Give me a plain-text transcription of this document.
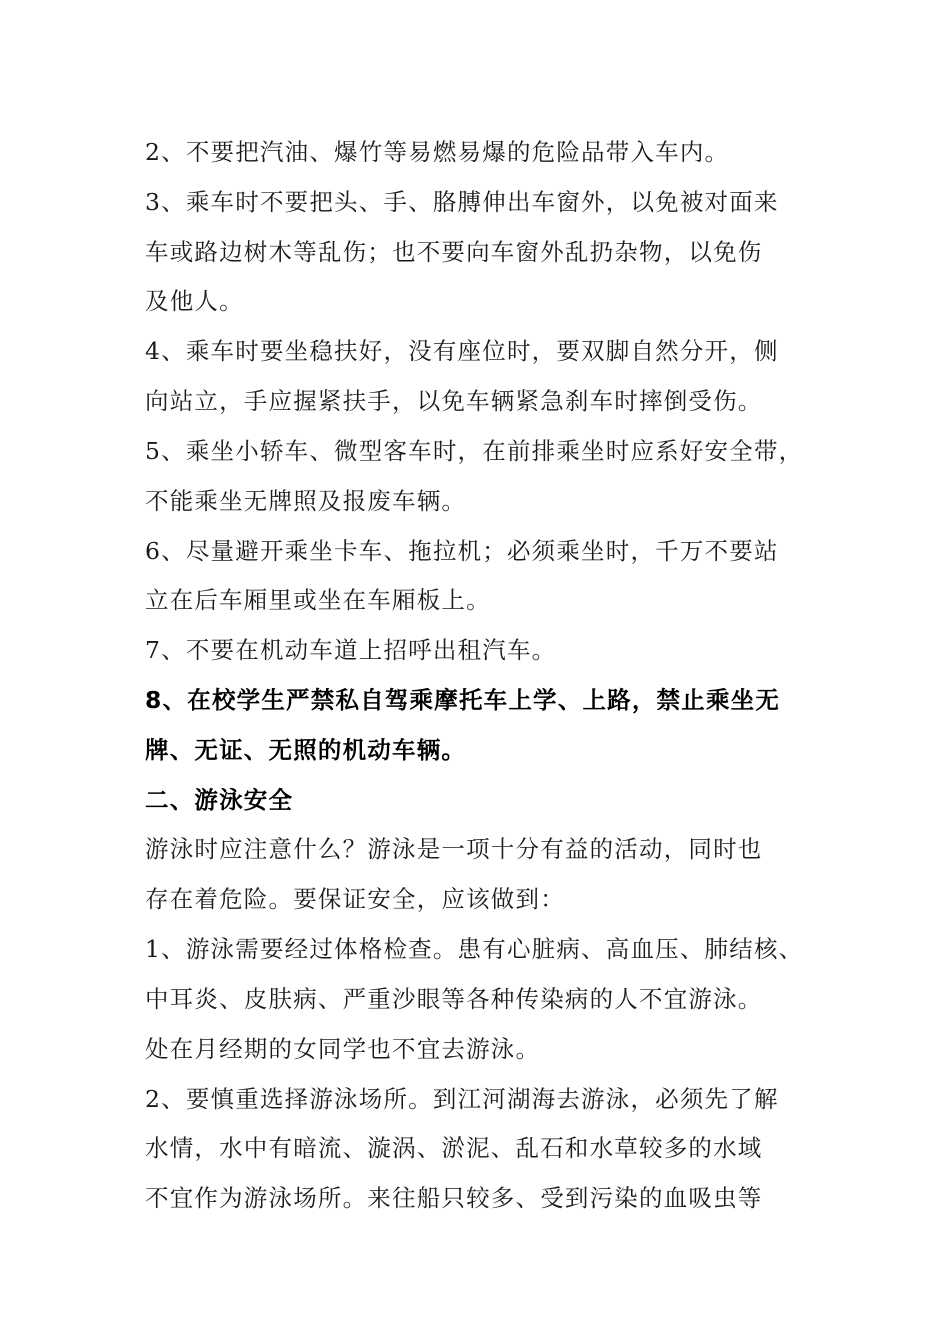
2、不要把汽油、爆竹等易燃易爆的危险品带入车内。
3、乘车时不要把头、手、胳膊伸出车窗外，以免被对面来
车或路边树木等乱伤；也不要向车窗外乱扔杂物，以免伤
及他人。
4、乘车时要坐稳扶好，没有座位时，要双脚自然分开，侧
向站立，手应握紧扶手，以免车辆紧急刹车时摔倒受伤。
5、乘坐小轿车、微型客车时，在前排乘坐时应系好安全带，
不能乘坐无牌照及报废车辆。
6、尽量避开乘坐卡车、拖拉机；必须乘坐时，千万不要站
立在后车厢里或坐在车厢板上。
7、不要在机动车道上招呼出租汽车。
8、在校学生严禁私自驾乘摩托车上学、上路，禁止乘坐无
牌、无证、无照的机动车辆。
二、游泳安全
游泳时应注意什么？游泳是一项十分有益的活动，同时也
存在着危险。要保证安全，应该做到：
1、游泳需要经过体格检查。患有心脏病、高血压、肺结核、
中耳炎、皮肤病、严重沙眼等各种传染病的人不宜游泳。
处在月经期的女同学也不宜去游泳。
2、要慎重选择游泳场所。到江河湖海去游泳，必须先了解
水情，水中有暗流、漩涡、淤泥、乱石和水草较多的水域
不宜作为游泳场所。来往船只较多、受到污染的血吸虫等
